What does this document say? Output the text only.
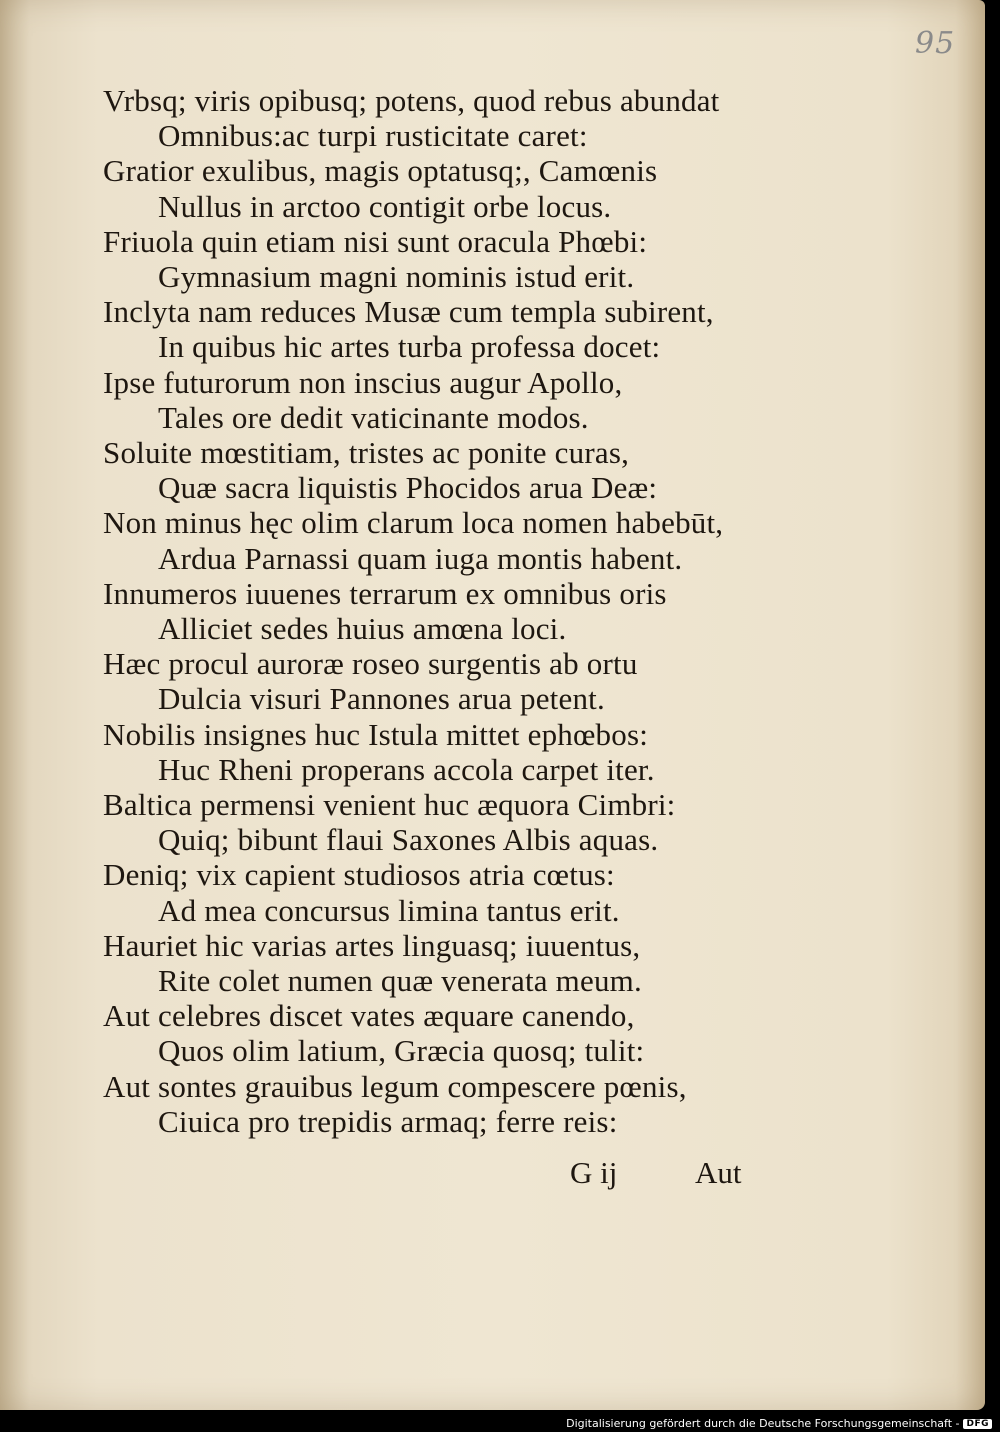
95
Vrbsq; viris opibusq; potens, quod rebus abundat
Omnibus:ac turpi rusticitate caret:
Gratior exulibus, magis optatusq;, Camœnis
Nullus in arctoo contigit orbe locus.
Friuola quin etiam nisi sunt oracula Phœbi:
Gymnasium magni nominis istud erit.
Inclyta nam reduces Musæ cum templa subirent,
In quibus hic artes turba professa docet:
Ipse futurorum non inscius augur Apollo,
Tales ore dedit vaticinante modos.
Soluite mœstitiam, tristes ac ponite curas,
Quæ sacra liquistis Phocidos arua Deæ:
Non minus hęc olim clarum loca nomen habebūt,
Ardua Parnassi quam iuga montis habent.
Innumeros iuuenes terrarum ex omnibus oris
Alliciet sedes huius amœna loci.
Hæc procul auroræ roseo surgentis ab ortu
Dulcia visuri Pannones arua petent.
Nobilis insignes huc Istula mittet ephœbos:
Huc Rheni properans accola carpet iter.
Baltica permensi venient huc æquora Cimbri:
Quiq; bibunt flaui Saxones Albis aquas.
Deniq; vix capient studiosos atria cœtus:
Ad mea concursus limina tantus erit.
Hauriet hic varias artes linguasq; iuuentus,
Rite colet numen quæ venerata meum.
Aut celebres discet vates æquare canendo,
Quos olim latium, Græcia quosq; tulit:
Aut sontes grauibus legum compescere pœnis,
Ciuica pro trepidis armaq; ferre reis:
G ij	Aut
Digitalisierung gefördert durch die Deutsche Forschungsgemeinschaft - DFG
